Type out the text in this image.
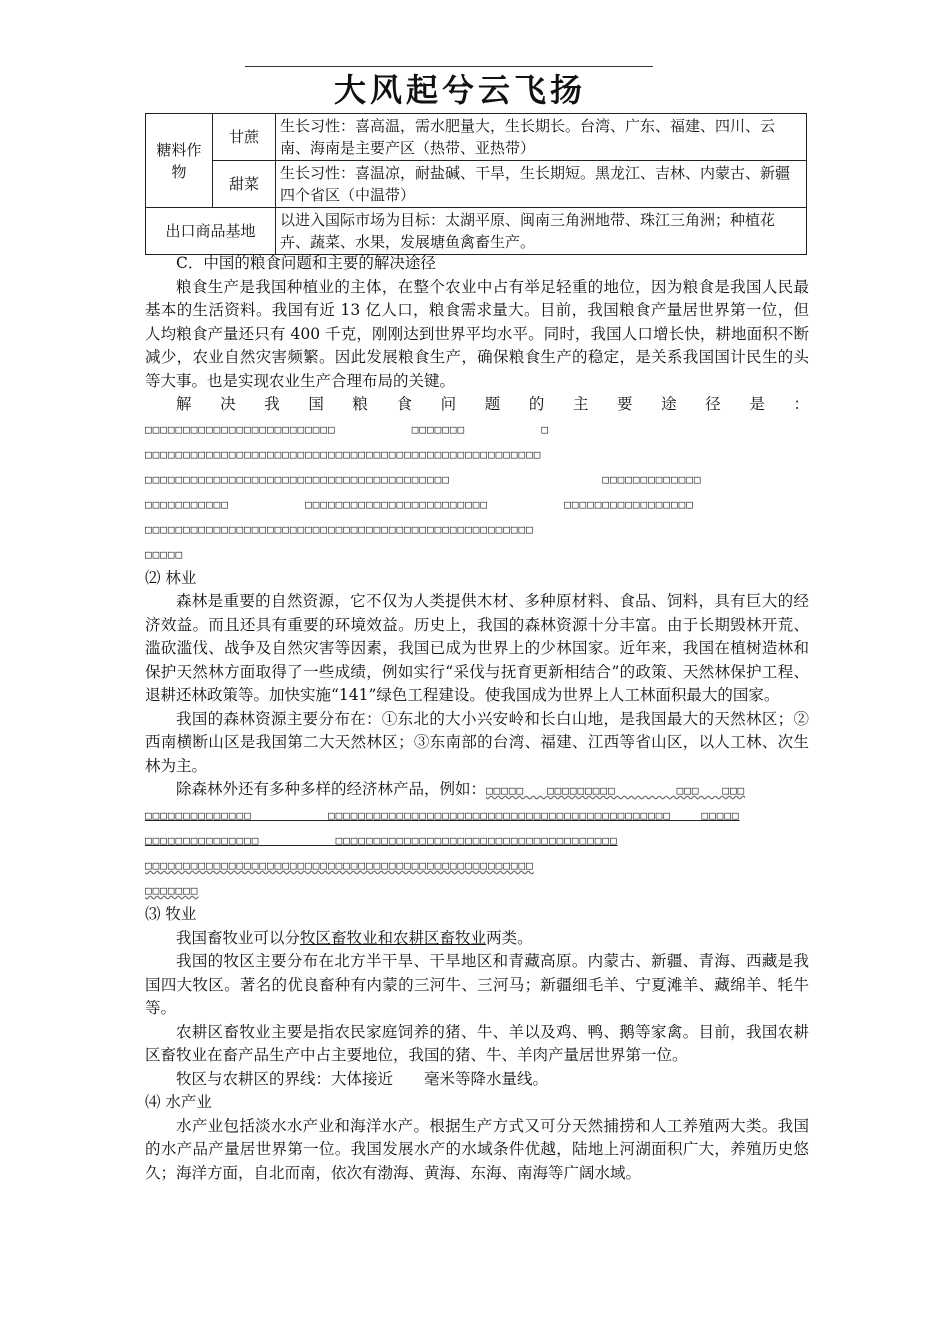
大风起兮云飞扬
糖料作物	甘蔗	生长习性：喜高温，需水肥量大，生长期长。台湾、广东、福建、四川、云南、海南是主要产区（热带、亚热带）
	甜菜	生长习性：喜温凉，耐盐碱、干旱，生长期短。黑龙江、吉林、内蒙古、新疆四个省区（中温带）
出口商品基地		以进入国际市场为目标：太湖平原、闽南三角洲地带、珠江三角洲；种植花卉、蔬菜、水果，发展塘鱼禽畜生产。

C．中国的粮食问题和主要的解决途径

粮食生产是我国种植业的主体，在整个农业中占有举足轻重的地位，因为粮食是我国人民最基本的生活资料。我国有近 13 亿人口，粮食需求量大。目前，我国粮食产量居世界第一位，但人均粮食产量还只有 400 千克，刚刚达到世界平均水平。同时，我国人口增长快，耕地面积不断减少，农业自然灾害频繁。因此发展粮食生产，确保粮食生产的稳定，是关系我国国计民生的头等大事。也是实现农业生产合理布局的关键。

解决我国粮食问题的主要途径是：□□□□□□□□□□□□□□□□□□□□□□□□□          □□□□□□□          □

□□□□□□□□□□□□□□□□□□□□□□□□□□□□□□□□□□□□□□□□□□□□□□□□□□□□
□□□□□□□□□□□□□□□□□□□□□□□□□□□□□□□□□□□□□□□□                    □□□□□□□□□□□□□
□□□□□□□□□□□          □□□□□□□□□□□□□□□□□□□□□□□□          □□□□□□□□□□□□□□□□□
□□□□□□□□□□□□□□□□□□□□□□□□□□□□□□□□□□□□□□□□□□□□□□□□□□□
□□□□□

⑵ 林业

森林是重要的自然资源，它不仅为人类提供木材、多种原材料、食品、饲料，具有巨大的经济效益。而且还具有重要的环境效益。历史上，我国的森林资源十分丰富。由于长期毁林开荒、滥砍滥伐、战争及自然灾害等因素，我国已成为世界上的少林国家。近年来，我国在植树造林和保护天然林方面取得了一些成绩，例如实行“采伐与抚育更新相结合”的政策、天然林保护工程、退耕还林政策等。加快实施“141”绿色工程建设。使我国成为世界上人工林面积最大的国家。

我国的森林资源主要分布在：①东北的大小兴安岭和长白山地，是我国最大的天然林区；②西南横断山区是我国第二大天然林区；③东南部的台湾、福建、江西等省山区，以人工林、次生林为主。

除森林外还有多种多样的经济林产品，例如：□□□□□   □□□□□□□□□        □□□   □□□

□□□□□□□□□□□□□□          □□□□□□□□□□□□□□□□□□□□□□□□□□□□□□□□□□□□□□□□□□□□□    □□□□□
□□□□□□□□□□□□□□□          □□□□□□□□□□□□□□□□□□□□□□□□□□□□□□□□□□□□□
□□□□□□□□□□□□□□□□□□□□□□□□□□□□□□□□□□□□□□□□□□□□□□□□□□□
□□□□□□□

⑶ 牧业

我国畜牧业可以分牧区畜牧业和农耕区畜牧业两类。

我国的牧区主要分布在北方半干旱、干旱地区和青藏高原。内蒙古、新疆、青海、西藏是我国四大牧区。著名的优良畜种有内蒙的三河牛、三河马；新疆细毛羊、宁夏滩羊、藏绵羊、牦牛等。

农耕区畜牧业主要是指农民家庭饲养的猪、牛、羊以及鸡、鸭、鹅等家禽。目前，我国农耕区畜牧业在畜产品生产中占主要地位，我国的猪、牛、羊肉产量居世界第一位。

牧区与农耕区的界线：大体接近　　毫米等降水量线。

⑷ 水产业

水产业包括淡水水产业和海洋水产。根据生产方式又可分天然捕捞和人工养殖两大类。我国的水产品产量居世界第一位。我国发展水产的水域条件优越，陆地上河湖面积广大，养殖历史悠久；海洋方面，自北而南，依次有渤海、黄海、东海、南海等广阔水域。
